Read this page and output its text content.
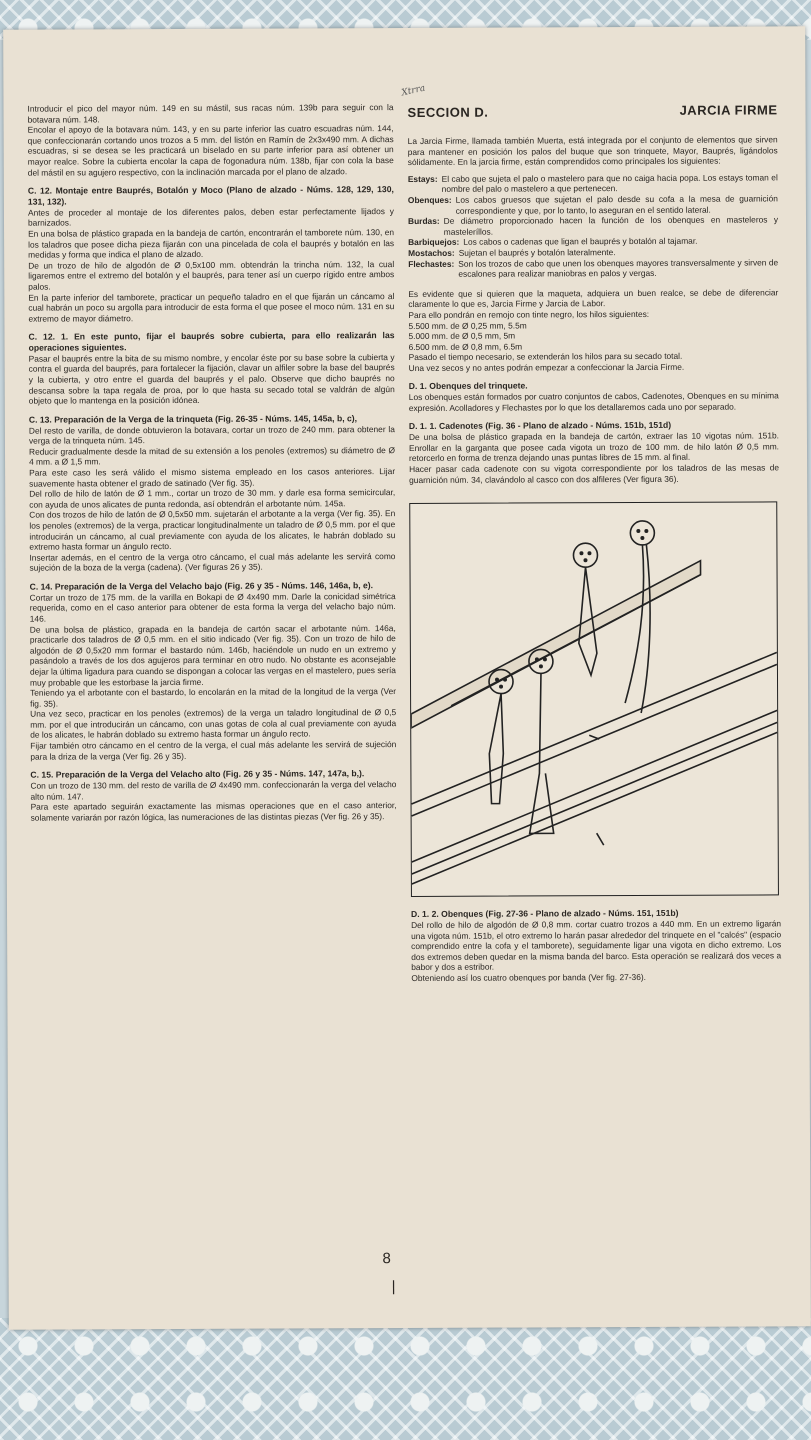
Introducir el pico del mayor núm. 149 en su mástil, sus racas núm. 139b para seguir con la botavara núm. 148.

Encolar el apoyo de la botavara núm. 143, y en su parte inferior las cuatro escuadras núm. 144, que confeccionarán cortando unos trozos a 5 mm. del listón en Ramín de 2x3x490 mm. A dichas escuadras, si se desea se les practicará un biselado en su parte inferior para así obtener un mayor realce. Sobre la cubierta encolar la capa de fogonadura núm. 138b, fijar con cola la base del mástil en su agujero respectivo, con la inclinación marcada por el plano de alzado.

C. 12. Montaje entre Bauprés, Botalón y Moco (Plano de alzado - Núms. 128, 129, 130, 131, 132).

Antes de proceder al montaje de los diferentes palos, deben estar perfectamente lijados y barnizados.

En una bolsa de plástico grapada en la bandeja de cartón, encontrarán el tamborete núm. 130, en los taladros que posee dicha pieza fijarán con una pincelada de cola el bauprés y botalón en las medidas y forma que indica el plano de alzado.

De un trozo de hilo de algodón de Ø 0,5x100 mm. obtendrán la trincha núm. 132, la cual ligaremos entre el extremo del botalón y el bauprés, para tener así un cuerpo rígido entre ambos palos.

En la parte inferior del tamborete, practicar un pequeño taladro en el que fijarán un cáncamo al cual habrán un poco su argolla para introducir de esta forma el que posee el moco núm. 131 en su extremo de mayor diámetro.

C. 12. 1. En este punto, fijar el bauprés sobre cubierta, para ello realizarán las operaciones siguientes.

Pasar el bauprés entre la bita de su mismo nombre, y encolar éste por su base sobre la cubierta y contra el guarda del bauprés, para fortalecer la fijación, clavar un alfiler sobre la base del bauprés y la cubierta, y otro entre el guarda del bauprés y el palo. Observe que dicho bauprés no descansa sobre la tapa regala de proa, por lo que hasta su secado total se valdrán de algún objeto que lo mantenga en la posición idónea.

C. 13. Preparación de la Verga de la trinqueta (Fig. 26-35 - Núms. 145, 145a, b, c),

Del resto de varilla, de donde obtuvieron la botavara, cortar un trozo de 240 mm. para obtener la verga de la trinqueta núm. 145.

Reducir gradualmente desde la mitad de su extensión a los penoles (extremos) su diámetro de Ø 4 mm. a Ø 1,5 mm.

Para este caso les será válido el mismo sistema empleado en los casos anteriores. Lijar suavemente hasta obtener el grado de satinado (Ver fig. 35).

Del rollo de hilo de latón de Ø 1 mm., cortar un trozo de 30 mm. y darle esa forma semicircular, con ayuda de unos alicates de punta redonda, así obtendrán el arbotante núm. 145a.

Con dos trozos de hilo de latón de Ø 0,5x50 mm. sujetarán el arbotante a la verga (Ver fig. 35). En los penoles (extremos) de la verga, practicar longitudinalmente un taladro de Ø 0,5 mm. por el que introducirán un cáncamo, al cual previamente con ayuda de los alicates, le habrán doblado su extremo hasta formar un ángulo recto.

Insertar además, en el centro de la verga otro cáncamo, el cual más adelante les servirá como sujeción de la boza de la verga (cadena). (Ver figuras 26 y 35).

C. 14. Preparación de la Verga del Velacho bajo (Fig. 26 y 35 - Núms. 146, 146a, b, e).

Cortar un trozo de 175 mm. de la varilla en Bokapi de Ø 4x490 mm. Darle la conicidad simétrica requerida, como en el caso anterior para obtener de esta forma la verga del velacho bajo núm. 146.

De una bolsa de plástico, grapada en la bandeja de cartón sacar el arbotante núm. 146a, practicarle dos taladros de Ø 0,5 mm. en el sitio indicado (Ver fig. 35). Con un trozo de hilo de algodón de Ø 0,5x20 mm formar el bastardo núm. 146b, haciéndole un nudo en un extremo y pasándolo a través de los dos agujeros para terminar en otro nudo. No obstante es aconsejable dejar la última ligadura para cuando se dispongan a colocar las vergas en el mastelero, pues sería muy probable que les estorbase la jarcia firme.

Teniendo ya el arbotante con el bastardo, lo encolarán en la mitad de la longitud de la verga (Ver fig. 35).

Una vez seco, practicar en los penoles (extremos) de la verga un taladro longitudinal de Ø 0,5 mm. por el que introducirán un cáncamo, con unas gotas de cola al cual previamente con ayuda de los alicates, le habrán doblado su extremo hasta formar un ángulo recto.

Fijar también otro cáncamo en el centro de la verga, el cual más adelante les servirá de sujeción para la driza de la verga (Ver fig. 26 y 35).

C. 15. Preparación de la Verga del Velacho alto (Fig. 26 y 35 - Núms. 147, 147a, b,).

Con un trozo de 130 mm. del resto de varilla de Ø 4x490 mm. confeccionarán la verga del velacho alto núm. 147.

Para este apartado seguirán exactamente las mismas operaciones que en el caso anterior, solamente variarán por razón lógica, las numeraciones de las distintas piezas (Ver fig. 26 y 35).

SECCION D.
Xtrra
JARCIA FIRME

La Jarcia Firme, llamada también Muerta, está integrada por el conjunto de elementos que sirven para mantener en posición los palos del buque que son trinquete, Mayor, Bauprés, ligándolos sólidamente. En la jarcia firme, están comprendidos como principales los siguientes:

Estays: El cabo que sujeta el palo o mastelero para que no caiga hacia popa. Los estays toman el nombre del palo o mastelero a que pertenecen.
Obenques: Los cabos gruesos que sujetan el palo desde su cofa a la mesa de guarnición correspondiente y que, por lo tanto, lo aseguran en el sentido lateral.
Burdas: De diámetro proporcionado hacen la función de los obenques en masteleros y masteleríllos.
Barbiquejos: Los cabos o cadenas que ligan el bauprés y botalón al tajamar.
Mostachos: Sujetan el bauprés y botalón lateralmente.
Flechastes: Son los trozos de cabo que unen los obenques mayores transversalmente y sirven de escalones para realizar maniobras en palos y vergas.

Es evidente que si quieren que la maqueta, adquiera un buen realce, se debe de diferenciar claramente lo que es, Jarcia Firme y Jarcia de Labor.

Para ello pondrán en remojo con tinte negro, los hilos siguientes:

5.500 mm. de Ø 0,25 mm, 5.5m

5.000 mm. de Ø 0,5 mm, 5m

6.500 mm. de Ø 0,8 mm, 6.5m

Pasado el tiempo necesario, se extenderán los hilos para su secado total.

Una vez secos y no antes podrán empezar a confeccionar la Jarcia Firme.

D. 1. Obenques del trinquete.

Los obenques están formados por cuatro conjuntos de cabos, Cadenotes, Obenques en su mínima expresión. Acolladores y Flechastes por lo que los detallaremos cada uno por separado.

D. 1. 1. Cadenotes (Fig. 36 - Plano de alzado - Núms. 151b, 151d)

De una bolsa de plástico grapada en la bandeja de cartón, extraer las 10 vigotas núm. 151b. Enrollar en la garganta que posee cada vigota un trozo de 100 mm. de hilo latón Ø 0,5 mm. retorcerlo en forma de trenza dejando unas puntas libres de 15 mm. al final.

Hacer pasar cada cadenote con su vigota correspondiente por los taladros de las mesas de guarnición núm. 34, clavándolo al casco con dos alfileres (Ver figura 36).

D. 1. 2. Obenques (Fig. 27-36 - Plano de alzado - Núms. 151, 151b)

Del rollo de hilo de algodón de Ø 0,8 mm. cortar cuatro trozos a 440 mm. En un extremo ligarán una vigota núm. 151b, el otro extremo lo harán pasar alrededor del trinquete en el "calcés" (espacio comprendido entre la cofa y el tamborete), seguidamente ligar una vigota en dicho extremo. Los dos extremos deben quedar en la misma banda del barco. Esta operación se realizará dos veces a babor y dos a estribor.

Obteniendo así los cuatro obenques por banda (Ver fig. 27-36).

8
|
